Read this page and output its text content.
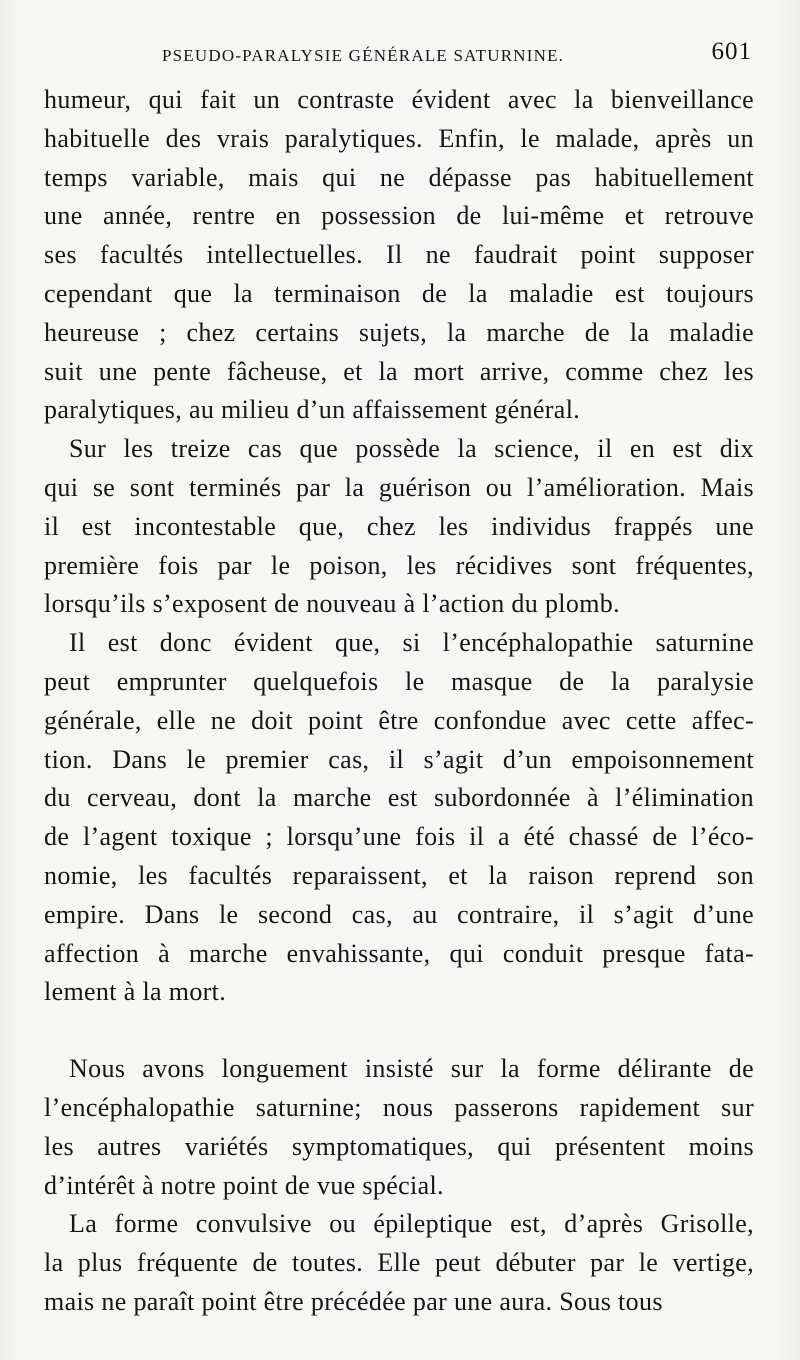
PSEUDO-PARALYSIE GÉNÉRALE SATURNINE.	601

humeur, qui fait un contraste évident avec la bienveillance
habituelle des vrais paralytiques. Enfin, le malade, après un
temps variable, mais qui ne dépasse pas habituellement
une année, rentre en possession de lui-même et retrouve
ses facultés intellectuelles. Il ne faudrait point supposer
cependant que la terminaison de la maladie est toujours
heureuse ; chez certains sujets, la marche de la maladie
suit une pente fâcheuse, et la mort arrive, comme chez les
paralytiques, au milieu d’un affaissement général.

Sur les treize cas que possède la science, il en est dix
qui se sont terminés par la guérison ou l’amélioration. Mais
il est incontestable que, chez les individus frappés une
première fois par le poison, les récidives sont fréquentes,
lorsqu’ils s’exposent de nouveau à l’action du plomb.

Il est donc évident que, si l’encéphalopathie saturnine
peut emprunter quelquefois le masque de la paralysie
générale, elle ne doit point être confondue avec cette affec-
tion. Dans le premier cas, il s’agit d’un empoisonnement
du cerveau, dont la marche est subordonnée à l’élimination
de l’agent toxique ; lorsqu’une fois il a été chassé de l’éco-
nomie, les facultés reparaissent, et la raison reprend son
empire. Dans le second cas, au contraire, il s’agit d’une
affection à marche envahissante, qui conduit presque fata-
lement à la mort.

Nous avons longuement insisté sur la forme délirante de
l’encéphalopathie saturnine; nous passerons rapidement sur
les autres variétés symptomatiques, qui présentent moins
d’intérêt à notre point de vue spécial.

La forme convulsive ou épileptique est, d’après Grisolle,
la plus fréquente de toutes. Elle peut débuter par le vertige,
mais ne paraît point être précédée par une aura. Sous tous
